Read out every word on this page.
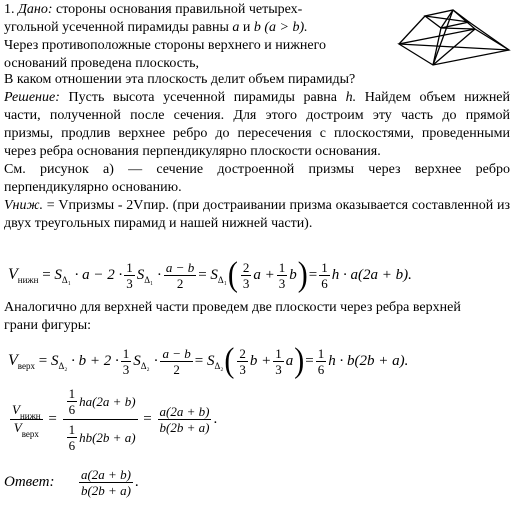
1. Дано: стороны основания правильной четырех-
угольной усеченной пирамиды равны a и b (a > b).
Через противоположные стороны верхнего и нижнего
оснований проведена плоскость,
В каком отношении эта плоскость делит объем пирамиды?
Решение: Пусть высота усеченной пирамиды равна h. Найдем объем нижней
части, полученной после сечения. Для этого достроим эту часть до прямой
призмы, продлив верхнее ребро до пересечения с плоскостями, проведенными
через ребра основания перпендикулярно плоскости основания.
См. рисунок а) — сечение достроенной призмы через верхнее ребро
перпендикулярно основанию.
Vниж. = Vпризмы - 2Vпир. (при достраивании призма оказывается составленной из
двух треугольных пирамид и нашей нижней части).
V нижн
=
S Δ₁
· $a - 2 \cdot \frac{1}{3}$ S Δ₁
· $\frac{a - b}{2}$ =
S Δ₁ ( $\frac{2}{3}$ $a + \frac{1}{3}$ b ) = $\frac{1}{6}$ h · a(2a + b).
Аналогично для верхней части проведем две плоскости через ребра верхней
грани фигуры:
V верх
=
S Δ₂
· $b + 2 \cdot \frac{1}{3}$ S Δ₂
· $\frac{a - b}{2}$ =
S Δ₂ ( $\frac{2}{3}$ $b + \frac{1}{3}$ a ) = $\frac{1}{6}$ h · b(2b + a).
$\frac{V_{нижн}}{V_{верх}}$
=
$\frac{\frac{1}{6} ha(2a + b)}{\frac{1}{6} hb(2b + a)}$
=
$\frac{a(2a + b)}{b(2b + a)}$ .
Ответ:
$\frac{a(2a + b)}{b(2b + a)}$ .
